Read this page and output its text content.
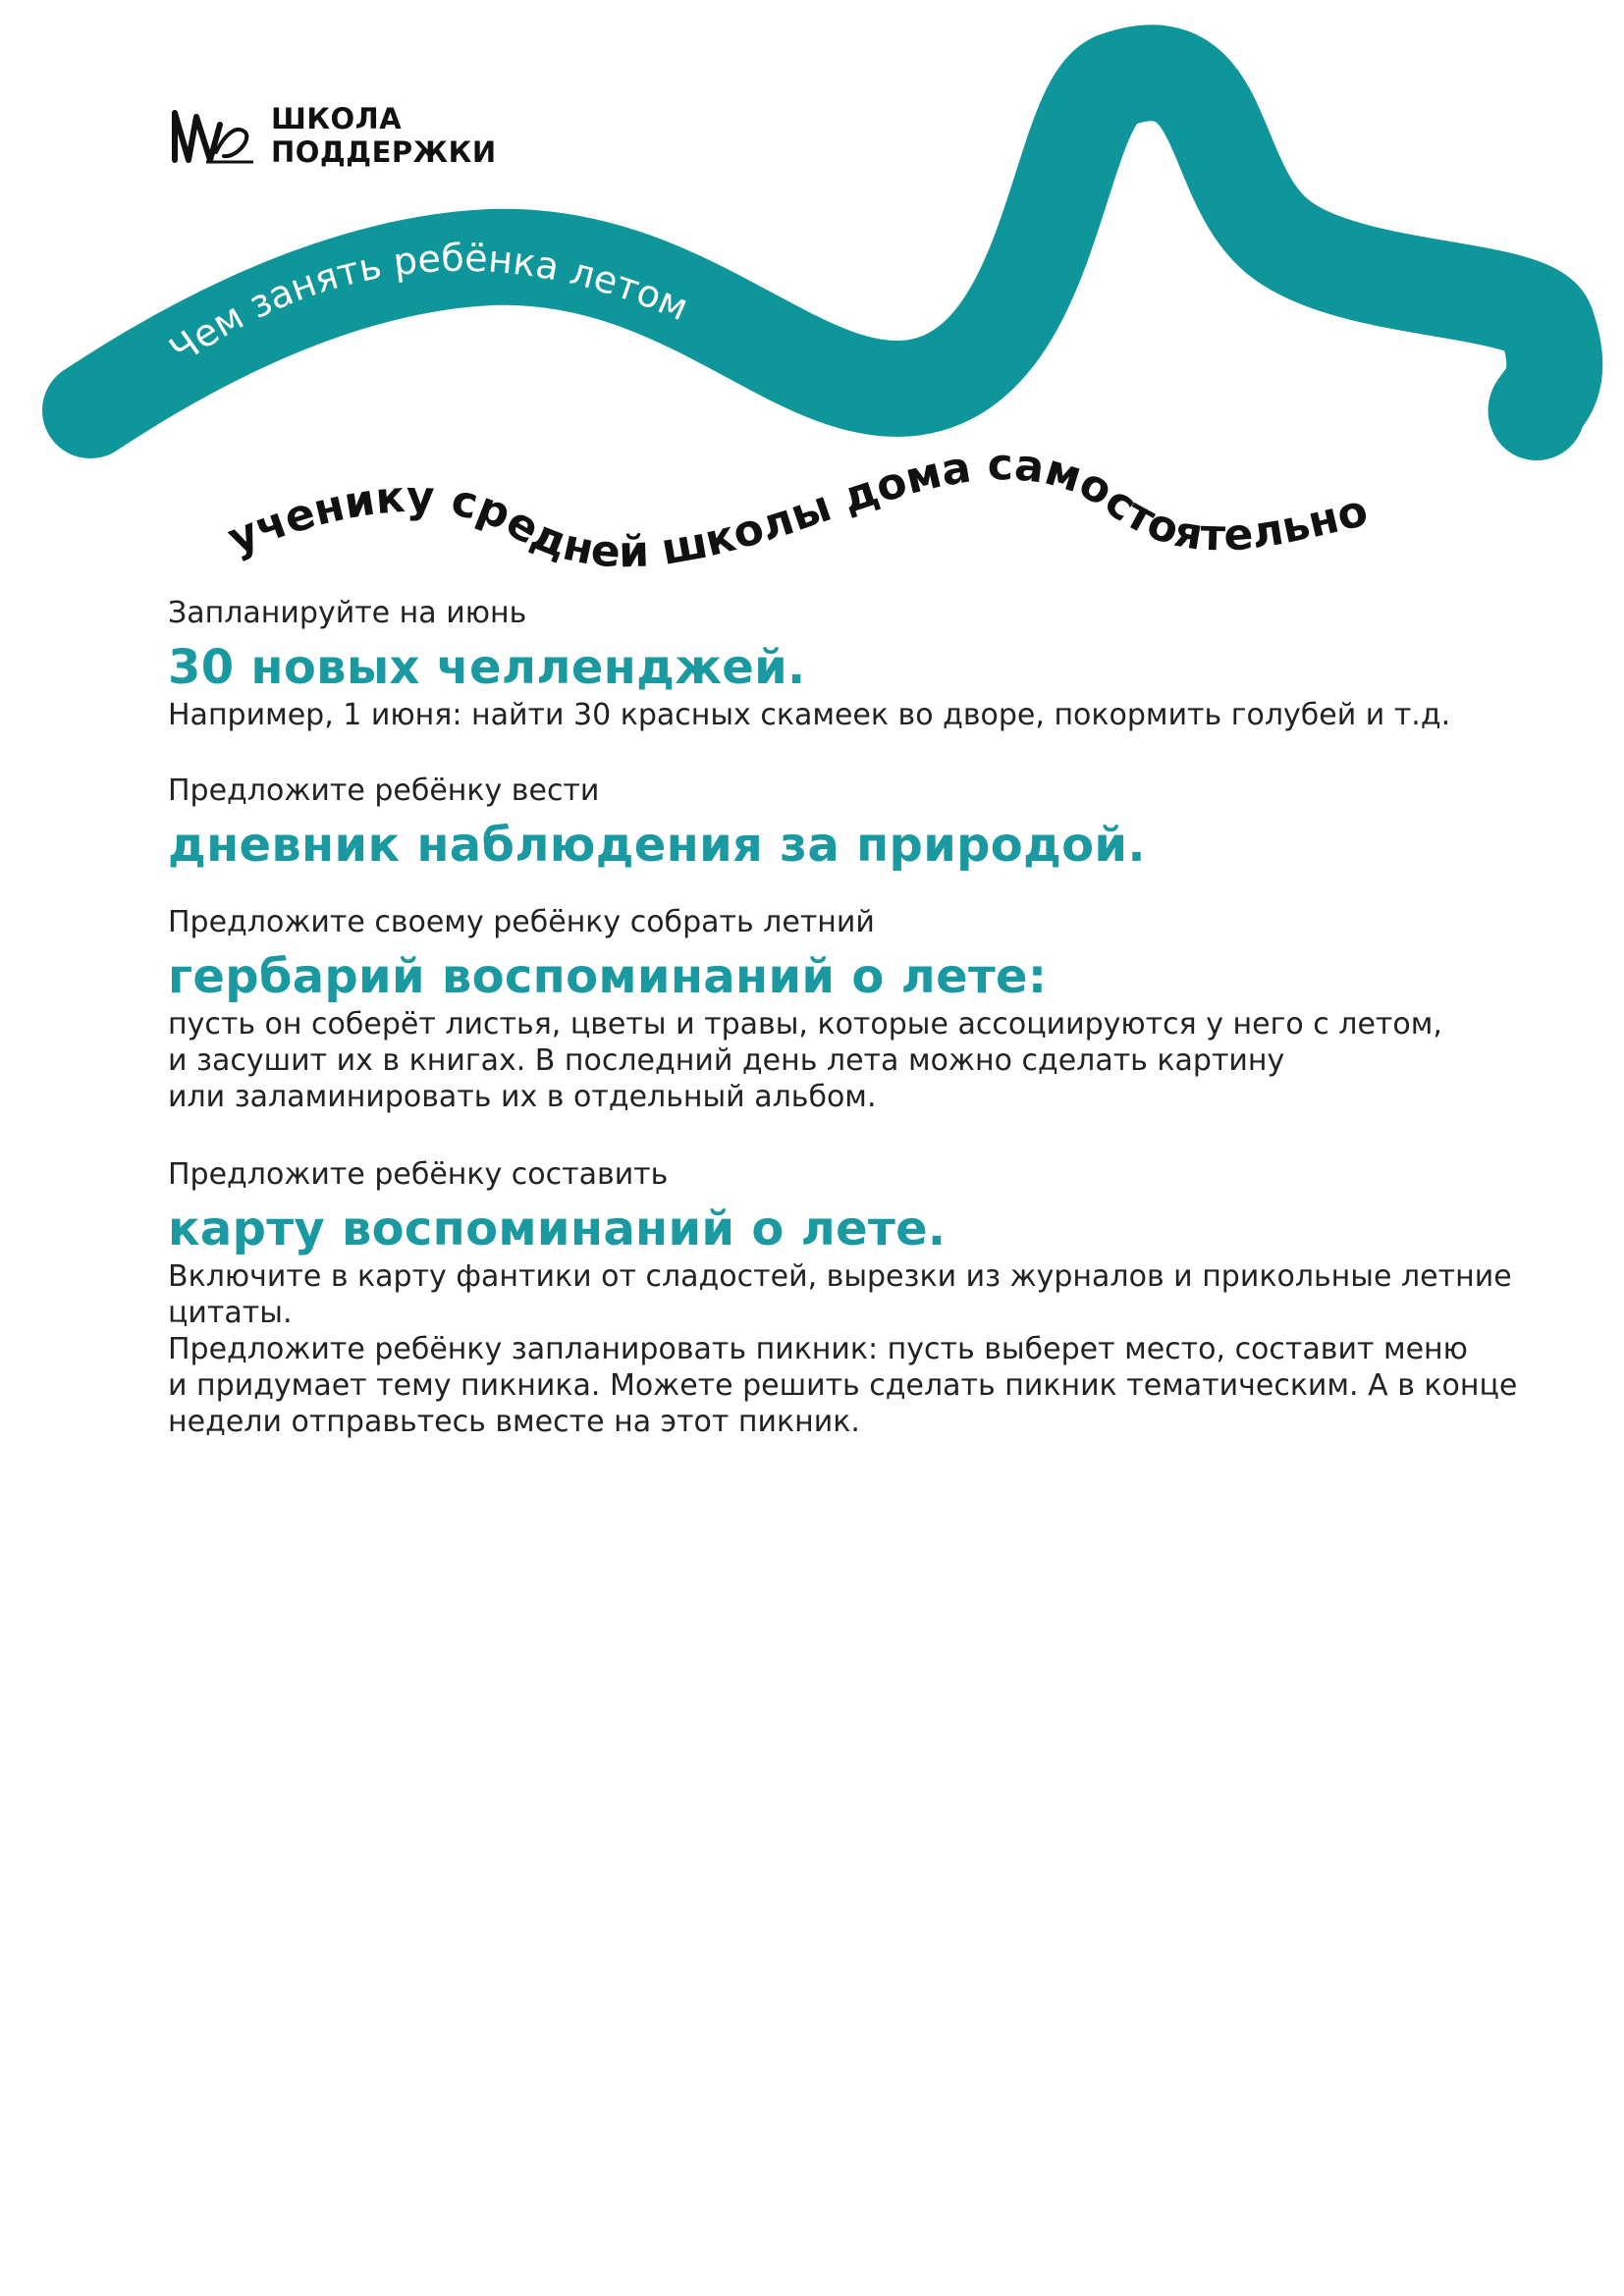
Чем занять ребёнка летом
ученику средней школы дома самостоятельно
ШКОЛА
ПОДДЕРЖКИ

Запланируйте на июнь

30 новых челленджей.

Например, 1 июня: найти 30 красных скамеек во дворе, покормить голубей и т.д.

Предложите ребёнку вести

дневник наблюдения за природой.

Предложите своему ребёнку собрать летний

гербарий воспоминаний о лете:

пусть он соберёт листья, цветы и травы, которые ассоциируются у него с летом,

и засушит их в книгах. В последний день лета можно сделать картину

или заламинировать их в отдельный альбом.

Предложите ребёнку составить

карту воспоминаний о лете.

Включите в карту фантики от сладостей, вырезки из журналов и прикольные летние

цитаты.

Предложите ребёнку запланировать пикник: пусть выберет место, составит меню

и придумает тему пикника. Можете решить сделать пикник тематическим. А в конце

недели отправьтесь вместе на этот пикник.
